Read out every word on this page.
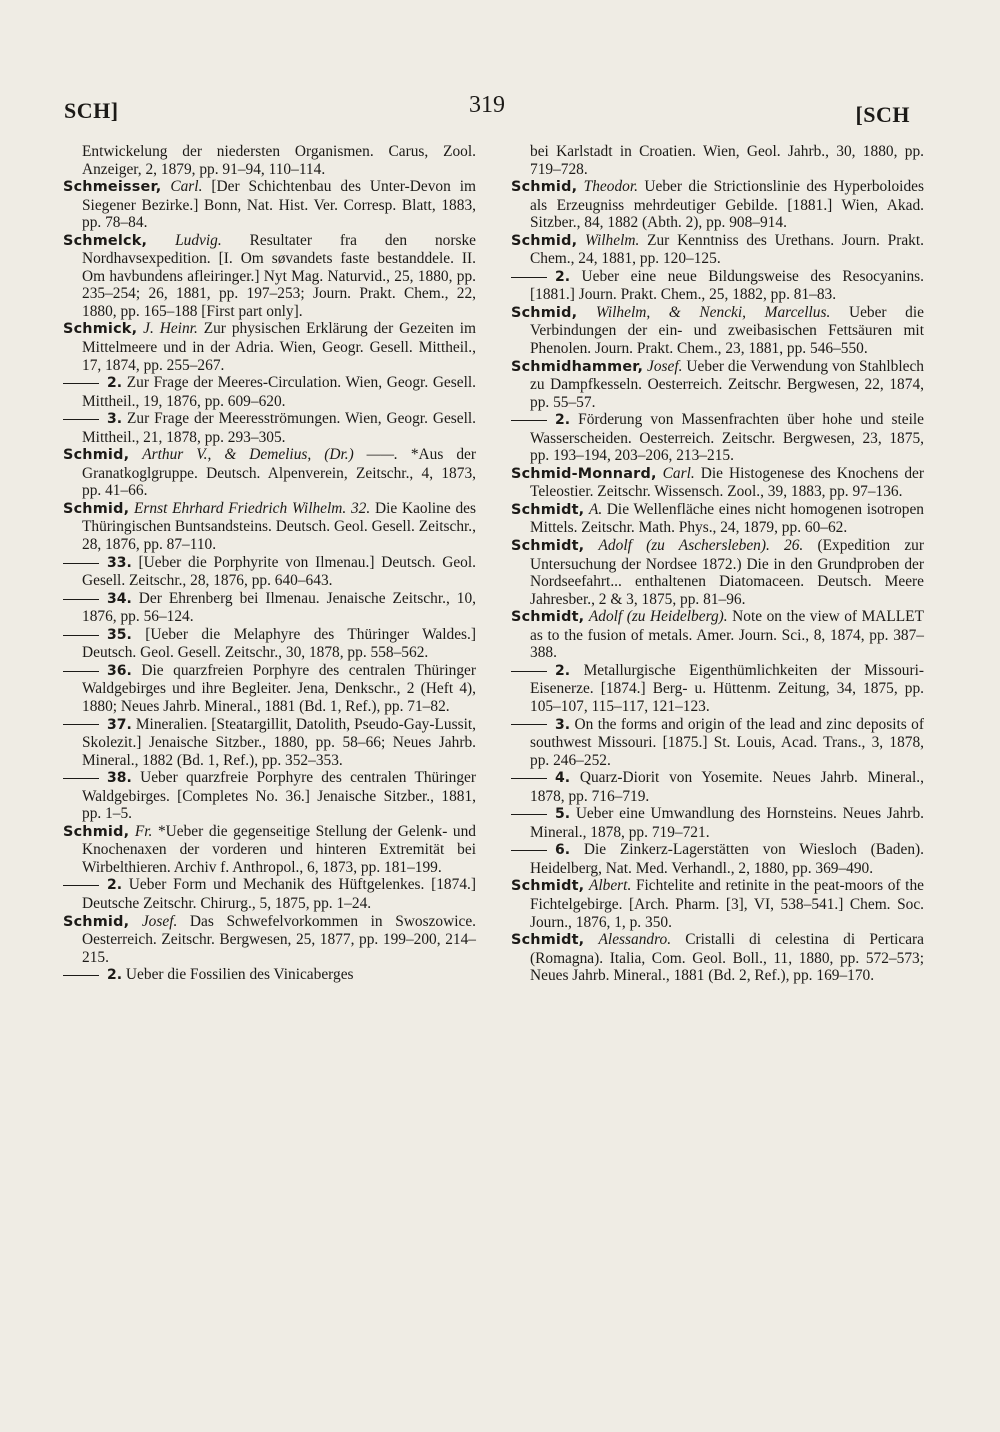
SCH]	319	[SCH

Entwickelung der niedersten Organismen. Carus, Zool. Anzeiger, 2, 1879, pp. 91–94, 110–114.

Schmeisser, Carl. [Der Schichtenbau des Unter-Devon im Siegener Bezirke.] Bonn, Nat. Hist. Ver. Corresp. Blatt, 1883, pp. 78–84.

Schmelck, Ludvig. Resultater fra den norske Nordhavsexpedition. [I. Om søvandets faste bestanddele. II. Om havbundens afleiringer.] Nyt Mag. Naturvid., 25, 1880, pp. 235–254; 26, 1881, pp. 197–253; Journ. Prakt. Chem., 22, 1880, pp. 165–188 [First part only].

Schmick, J. Heinr. Zur physischen Erklärung der Gezeiten im Mittelmeere und in der Adria. Wien, Geogr. Gesell. Mittheil., 17, 1874, pp. 255–267.

2. Zur Frage der Meeres-Circulation. Wien, Geogr. Gesell. Mittheil., 19, 1876, pp. 609–620.

3. Zur Frage der Meeresströmungen. Wien, Geogr. Gesell. Mittheil., 21, 1878, pp. 293–305.

Schmid, Arthur V., & Demelius, (Dr.) ——. *Aus der Granatkoglgruppe. Deutsch. Alpenverein, Zeitschr., 4, 1873, pp. 41–66.

Schmid, Ernst Ehrhard Friedrich Wilhelm. 32. Die Kaoline des Thüringischen Buntsandsteins. Deutsch. Geol. Gesell. Zeitschr., 28, 1876, pp. 87–110.

33. [Ueber die Porphyrite von Ilmenau.] Deutsch. Geol. Gesell. Zeitschr., 28, 1876, pp. 640–643.

34. Der Ehrenberg bei Ilmenau. Jenaische Zeitschr., 10, 1876, pp. 56–124.

35. [Ueber die Melaphyre des Thüringer Waldes.] Deutsch. Geol. Gesell. Zeitschr., 30, 1878, pp. 558–562.

36. Die quarzfreien Porphyre des centralen Thüringer Waldgebirges und ihre Begleiter. Jena, Denkschr., 2 (Heft 4), 1880; Neues Jahrb. Mineral., 1881 (Bd. 1, Ref.), pp. 71–82.

37. Mineralien. [Steatargillit, Datolith, Pseudo-Gay-Lussit, Skolezit.] Jenaische Sitzber., 1880, pp. 58–66; Neues Jahrb. Mineral., 1882 (Bd. 1, Ref.), pp. 352–353.

38. Ueber quarzfreie Porphyre des centralen Thüringer Waldgebirges. [Completes No. 36.] Jenaische Sitzber., 1881, pp. 1–5.

Schmid, Fr. *Ueber die gegenseitige Stellung der Gelenk- und Knochenaxen der vorderen und hinteren Extremität bei Wirbelthieren. Archiv f. Anthropol., 6, 1873, pp. 181–199.

2. Ueber Form und Mechanik des Hüftgelenkes. [1874.] Deutsche Zeitschr. Chirurg., 5, 1875, pp. 1–24.

Schmid, Josef. Das Schwefelvorkommen in Swoszowice. Oesterreich. Zeitschr. Bergwesen, 25, 1877, pp. 199–200, 214–215.

2. Ueber die Fossilien des Vinicaberges

bei Karlstadt in Croatien. Wien, Geol. Jahrb., 30, 1880, pp. 719–728.

Schmid, Theodor. Ueber die Strictionslinie des Hyperboloides als Erzeugniss mehrdeutiger Gebilde. [1881.] Wien, Akad. Sitzber., 84, 1882 (Abth. 2), pp. 908–914.

Schmid, Wilhelm. Zur Kenntniss des Urethans. Journ. Prakt. Chem., 24, 1881, pp. 120–125.

2. Ueber eine neue Bildungsweise des Resocyanins. [1881.] Journ. Prakt. Chem., 25, 1882, pp. 81–83.

Schmid, Wilhelm, & Nencki, Marcellus. Ueber die Verbindungen der ein- und zweibasischen Fettsäuren mit Phenolen. Journ. Prakt. Chem., 23, 1881, pp. 546–550.

Schmidhammer, Josef. Ueber die Verwendung von Stahlblech zu Dampfkesseln. Oesterreich. Zeitschr. Bergwesen, 22, 1874, pp. 55–57.

2. Förderung von Massenfrachten über hohe und steile Wasserscheiden. Oesterreich. Zeitschr. Bergwesen, 23, 1875, pp. 193–194, 203–206, 213–215.

Schmid-Monnard, Carl. Die Histogenese des Knochens der Teleostier. Zeitschr. Wissensch. Zool., 39, 1883, pp. 97–136.

Schmidt, A. Die Wellenfläche eines nicht homogenen isotropen Mittels. Zeitschr. Math. Phys., 24, 1879, pp. 60–62.

Schmidt, Adolf (zu Aschersleben). 26. (Expedition zur Untersuchung der Nordsee 1872.) Die in den Grundproben der Nordseefahrt... enthaltenen Diatomaceen. Deutsch. Meere Jahresber., 2 & 3, 1875, pp. 81–96.

Schmidt, Adolf (zu Heidelberg). Note on the view of MALLET as to the fusion of metals. Amer. Journ. Sci., 8, 1874, pp. 387–388.

2. Metallurgische Eigenthümlichkeiten der Missouri-Eisenerze. [1874.] Berg- u. Hüttenm. Zeitung, 34, 1875, pp. 105–107, 115–117, 121–123.

3. On the forms and origin of the lead and zinc deposits of southwest Missouri. [1875.] St. Louis, Acad. Trans., 3, 1878, pp. 246–252.

4. Quarz-Diorit von Yosemite. Neues Jahrb. Mineral., 1878, pp. 716–719.

5. Ueber eine Umwandlung des Hornsteins. Neues Jahrb. Mineral., 1878, pp. 719–721.

6. Die Zinkerz-Lagerstätten von Wiesloch (Baden). Heidelberg, Nat. Med. Verhandl., 2, 1880, pp. 369–490.

Schmidt, Albert. Fichtelite and retinite in the peat-moors of the Fichtelgebirge. [Arch. Pharm. [3], VI, 538–541.] Chem. Soc. Journ., 1876, 1, p. 350.

Schmidt, Alessandro. Cristalli di celestina di Perticara (Romagna). Italia, Com. Geol. Boll., 11, 1880, pp. 572–573; Neues Jahrb. Mineral., 1881 (Bd. 2, Ref.), pp. 169–170.
